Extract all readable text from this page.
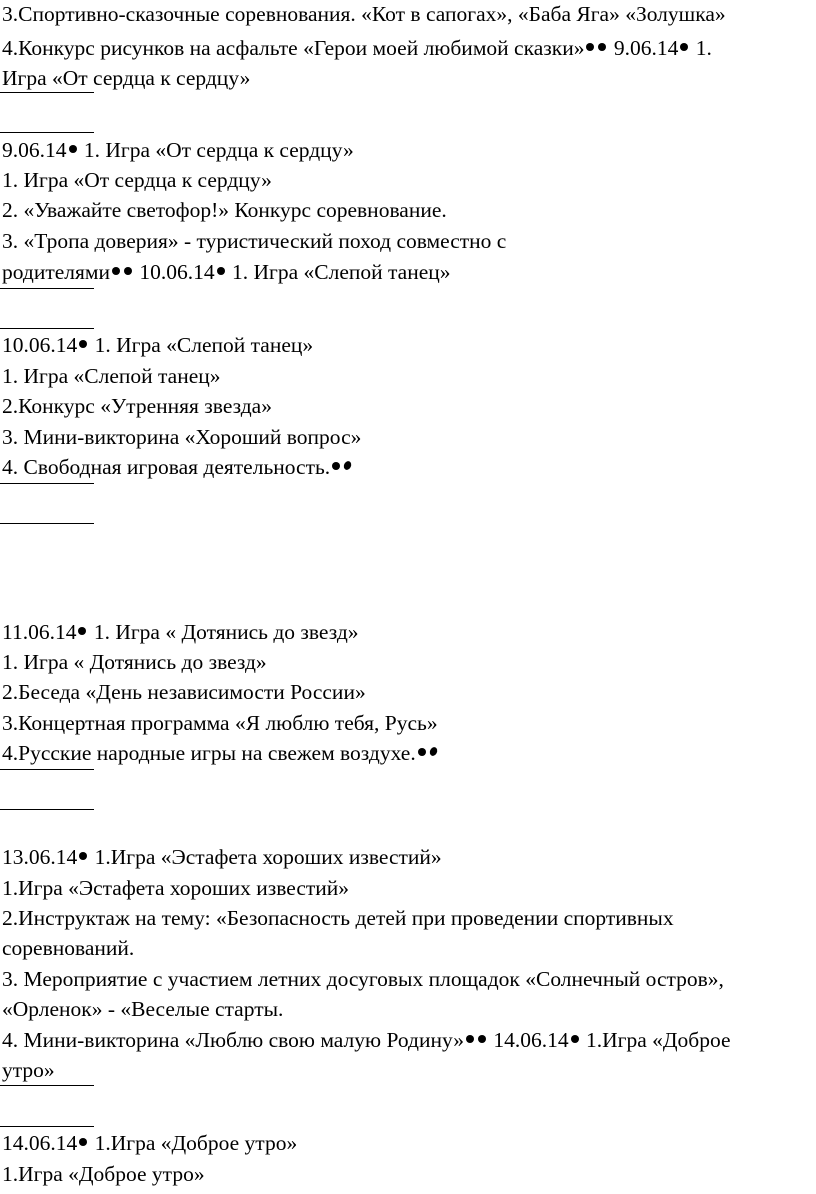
3.Спортивно-сказочные соревнования. «Кот в сапогах», «Баба Яга» «Золушка»

4.Конкурс рисунков на асфальте «Герои моей любимой сказки» 9.06.14 1.

Игра «От сердца к сердцу»

9.06.14 1. Игра «От сердца к сердцу»

1. Игра «От сердца к сердцу»

2. «Уважайте светофор!» Конкурс соревнование.

3. «Тропа доверия» - туристический поход совместно с

родителями 10.06.14 1. Игра «Слепой танец»

10.06.14 1. Игра «Слепой танец»

1. Игра «Слепой танец»

2.Конкурс «Утренняя звезда»

3. Мини-викторина «Хороший вопрос»

4. Свободная игровая деятельность.

11.06.14 1. Игра « Дотянись до звезд»

1. Игра « Дотянись до звезд»

2.Беседа «День независимости России»

3.Концертная программа «Я люблю тебя, Русь»

4.Русские народные игры на свежем воздухе.

13.06.14 1.Игра «Эстафета хороших известий»

1.Игра «Эстафета хороших известий»

2.Инструктаж на тему: «Безопасность детей при проведении спортивных

соревнований.

3. Мероприятие с участием летних досуговых площадок «Солнечный остров»,

«Орленок» - «Веселые старты.

4. Мини-викторина «Люблю свою малую Родину» 14.06.14 1.Игра «Доброе

утро»

14.06.14 1.Игра «Доброе утро»

1.Игра «Доброе утро»
